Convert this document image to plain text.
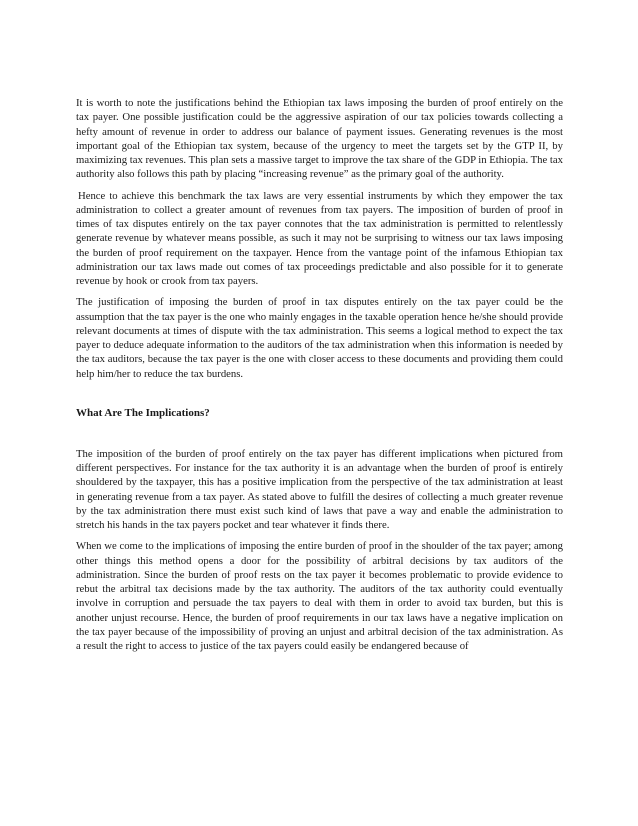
It is worth to note the justifications behind the Ethiopian tax laws imposing the burden of proof entirely on the tax payer. One possible justification could be the aggressive aspiration of our tax policies towards collecting a hefty amount of revenue in order to address our balance of payment issues. Generating revenues is the most important goal of the Ethiopian tax system, because of the urgency to meet the targets set by the GTP II, by maximizing tax revenues. This plan sets a massive target to improve the tax share of the GDP in Ethiopia. The tax authority also follows this path by placing “increasing revenue” as the primary goal of the authority.

Hence to achieve this benchmark the tax laws are very essential instruments by which they empower the tax administration to collect a greater amount of revenues from tax payers. The imposition of burden of proof in times of tax disputes entirely on the tax payer connotes that the tax administration is permitted to relentlessly generate revenue by whatever means possible, as such it may not be surprising to witness our tax laws imposing the burden of proof requirement on the taxpayer. Hence from the vantage point of the infamous Ethiopian tax administration our tax laws made out comes of tax proceedings predictable and also possible for it to generate revenue by hook or crook from tax payers.

The justification of imposing the burden of proof in tax disputes entirely on the tax payer could be the assumption that the tax payer is the one who mainly engages in the taxable operation hence he/she should provide relevant documents at times of dispute with the tax administration. This seems a logical method to expect the tax payer to deduce adequate information to the auditors of the tax administration when this information is needed by the tax auditors, because the tax payer is the one with closer access to these documents and providing them could help him/her to reduce the tax burdens.

What Are The Implications?

The imposition of the burden of proof entirely on the tax payer has different implications when pictured from different perspectives. For instance for the tax authority it is an advantage when the burden of proof is entirely shouldered by the taxpayer, this has a positive implication from the perspective of the tax administration at least in generating revenue from a tax payer. As stated above to fulfill the desires of collecting a much greater revenue by the tax administration there must exist such kind of laws that pave a way and enable the administration to stretch his hands in the tax payers pocket and tear whatever it finds there.

When we come to the implications of imposing the entire burden of proof in the shoulder of the tax payer; among other things this method opens a door for the possibility of arbitral decisions by tax auditors of the administration. Since the burden of proof rests on the tax payer it becomes problematic to provide evidence to rebut the arbitral tax decisions made by the tax authority. The auditors of the tax authority could eventually involve in corruption and persuade the tax payers to deal with them in order to avoid tax burden, but this is another unjust recourse. Hence, the burden of proof requirements in our tax laws have a negative implication on the tax payer because of the impossibility of proving an unjust and arbitral decision of the tax administration. As a result the right to access to justice of the tax payers could easily be endangered because of
